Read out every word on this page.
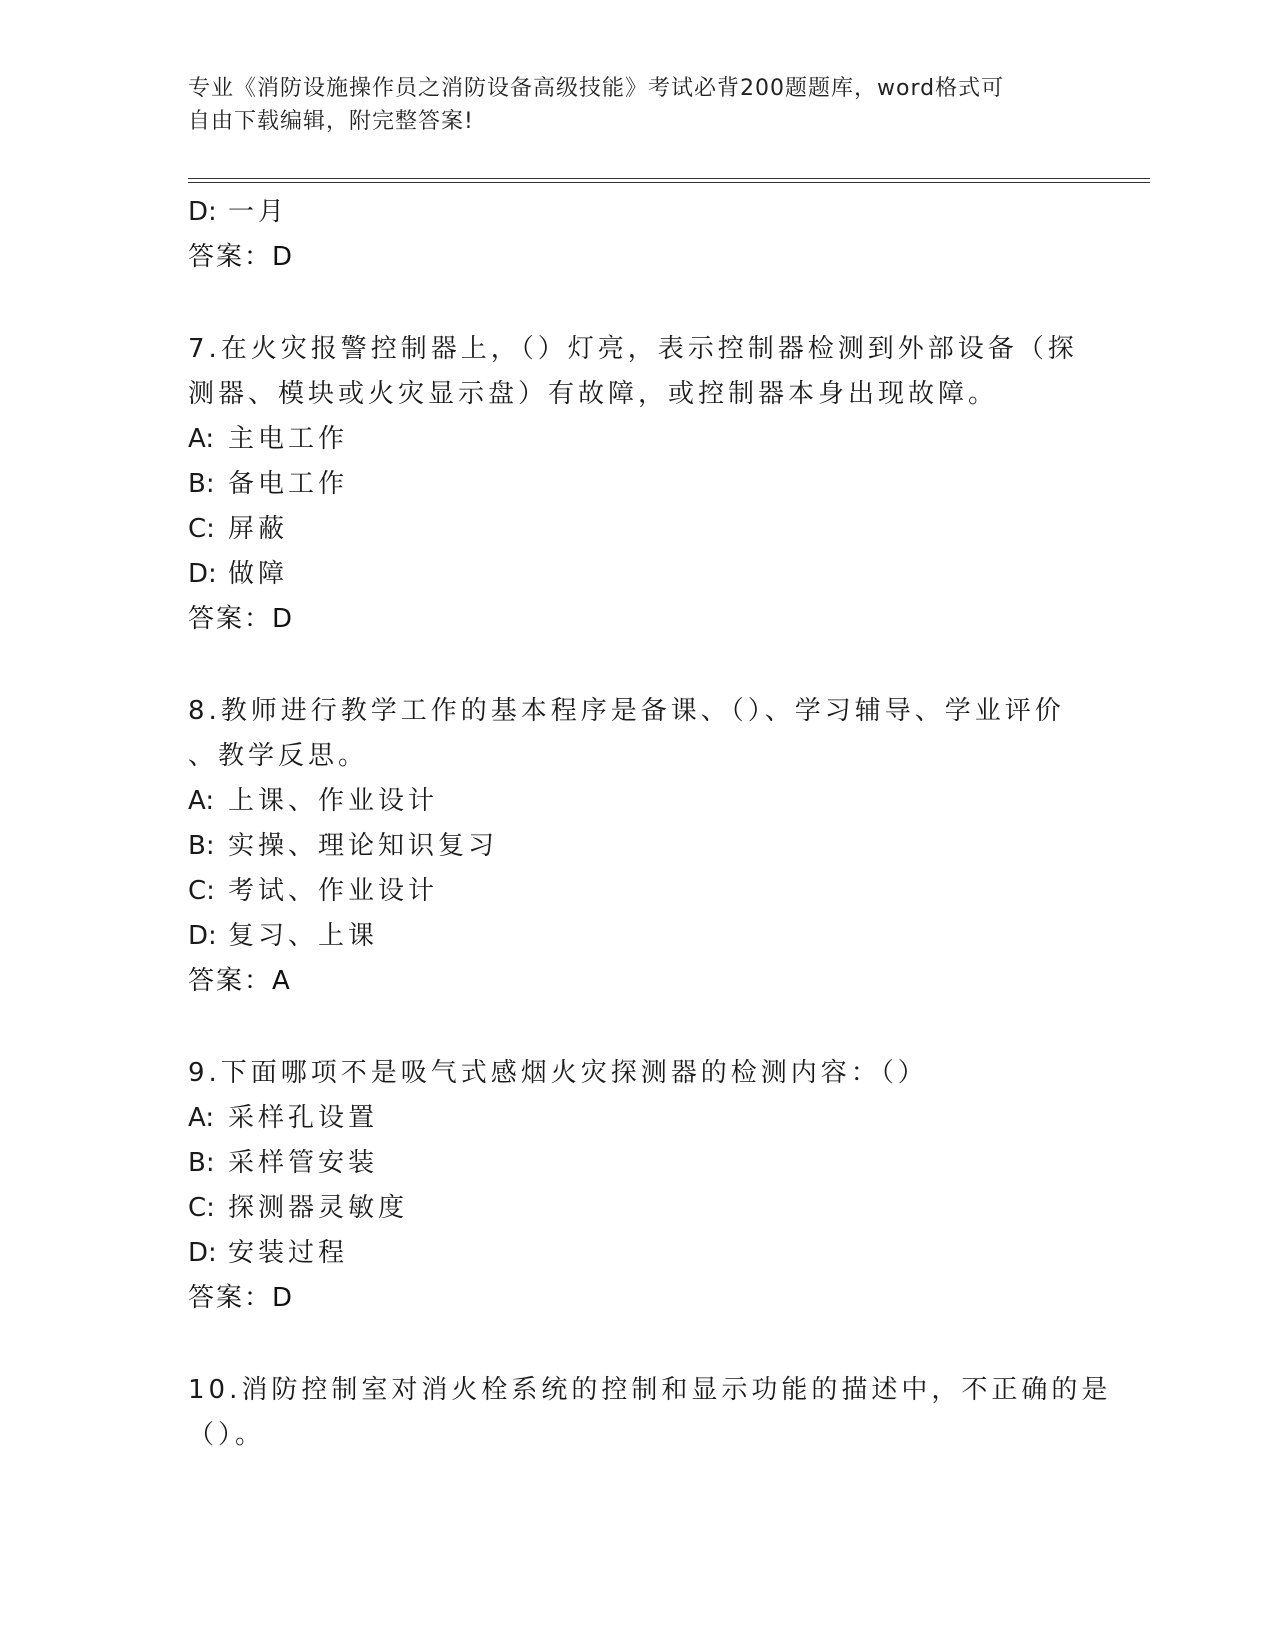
专业《消防设施操作员之消防设备高级技能》考试必背200题题库，word格式可
自由下载编辑，附完整答案!
D: 一月
答案：D
7.在火灾报警控制器上，（）灯亮，表示控制器检测到外部设备（探
测器、模块或火灾显示盘）有故障，或控制器本身出现故障。
A: 主电工作
B: 备电工作
C: 屏蔽
D: 做障
答案：D
8.教师进行教学工作的基本程序是备课、（）、学习辅导、学业评价
、教学反思。
A: 上课、作业设计
B: 实操、理论知识复习
C: 考试、作业设计
D: 复习、上课
答案：A
9.下面哪项不是吸气式感烟火灾探测器的检测内容：（）
A: 采样孔设置
B: 采样管安装
C: 探测器灵敏度
D: 安装过程
答案：D
10.消防控制室对消火栓系统的控制和显示功能的描述中，不正确的是
（）。
